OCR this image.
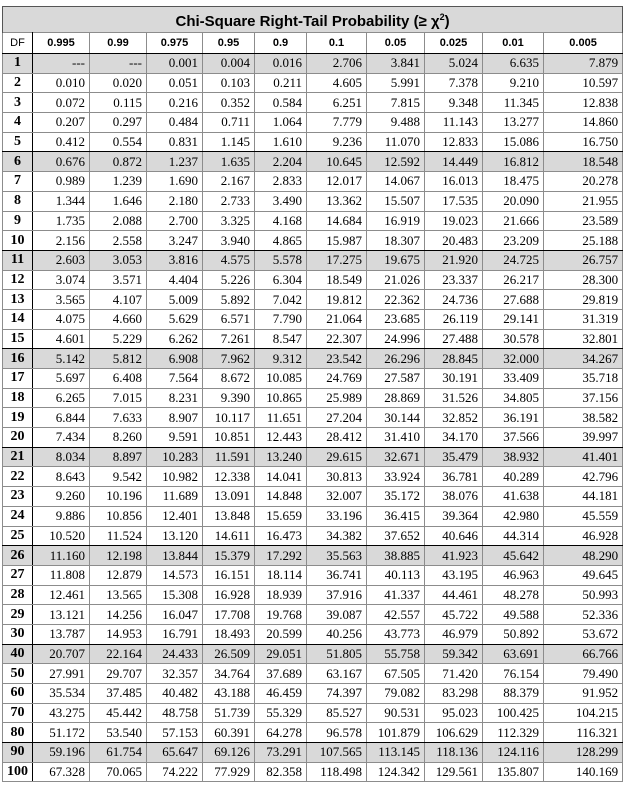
Chi-Square Right-Tail Probability (≥ $\chi^2$)										
DF	0.995	0.99	0.975	0.95	0.9	0.1	0.05	0.025	0.01	0.005
1	---	---	0.001	0.004	0.016	2.706	3.841	5.024	6.635	7.879
2	0.010	0.020	0.051	0.103	0.211	4.605	5.991	7.378	9.210	10.597
3	0.072	0.115	0.216	0.352	0.584	6.251	7.815	9.348	11.345	12.838
4	0.207	0.297	0.484	0.711	1.064	7.779	9.488	11.143	13.277	14.860
5	0.412	0.554	0.831	1.145	1.610	9.236	11.070	12.833	15.086	16.750
6	0.676	0.872	1.237	1.635	2.204	10.645	12.592	14.449	16.812	18.548
7	0.989	1.239	1.690	2.167	2.833	12.017	14.067	16.013	18.475	20.278
8	1.344	1.646	2.180	2.733	3.490	13.362	15.507	17.535	20.090	21.955
9	1.735	2.088	2.700	3.325	4.168	14.684	16.919	19.023	21.666	23.589
10	2.156	2.558	3.247	3.940	4.865	15.987	18.307	20.483	23.209	25.188
11	2.603	3.053	3.816	4.575	5.578	17.275	19.675	21.920	24.725	26.757
12	3.074	3.571	4.404	5.226	6.304	18.549	21.026	23.337	26.217	28.300
13	3.565	4.107	5.009	5.892	7.042	19.812	22.362	24.736	27.688	29.819
14	4.075	4.660	5.629	6.571	7.790	21.064	23.685	26.119	29.141	31.319
15	4.601	5.229	6.262	7.261	8.547	22.307	24.996	27.488	30.578	32.801
16	5.142	5.812	6.908	7.962	9.312	23.542	26.296	28.845	32.000	34.267
17	5.697	6.408	7.564	8.672	10.085	24.769	27.587	30.191	33.409	35.718
18	6.265	7.015	8.231	9.390	10.865	25.989	28.869	31.526	34.805	37.156
19	6.844	7.633	8.907	10.117	11.651	27.204	30.144	32.852	36.191	38.582
20	7.434	8.260	9.591	10.851	12.443	28.412	31.410	34.170	37.566	39.997
21	8.034	8.897	10.283	11.591	13.240	29.615	32.671	35.479	38.932	41.401
22	8.643	9.542	10.982	12.338	14.041	30.813	33.924	36.781	40.289	42.796
23	9.260	10.196	11.689	13.091	14.848	32.007	35.172	38.076	41.638	44.181
24	9.886	10.856	12.401	13.848	15.659	33.196	36.415	39.364	42.980	45.559
25	10.520	11.524	13.120	14.611	16.473	34.382	37.652	40.646	44.314	46.928
26	11.160	12.198	13.844	15.379	17.292	35.563	38.885	41.923	45.642	48.290
27	11.808	12.879	14.573	16.151	18.114	36.741	40.113	43.195	46.963	49.645
28	12.461	13.565	15.308	16.928	18.939	37.916	41.337	44.461	48.278	50.993
29	13.121	14.256	16.047	17.708	19.768	39.087	42.557	45.722	49.588	52.336
30	13.787	14.953	16.791	18.493	20.599	40.256	43.773	46.979	50.892	53.672
40	20.707	22.164	24.433	26.509	29.051	51.805	55.758	59.342	63.691	66.766
50	27.991	29.707	32.357	34.764	37.689	63.167	67.505	71.420	76.154	79.490
60	35.534	37.485	40.482	43.188	46.459	74.397	79.082	83.298	88.379	91.952
70	43.275	45.442	48.758	51.739	55.329	85.527	90.531	95.023	100.425	104.215
80	51.172	53.540	57.153	60.391	64.278	96.578	101.879	106.629	112.329	116.321
90	59.196	61.754	65.647	69.126	73.291	107.565	113.145	118.136	124.116	128.299
100	67.328	70.065	74.222	77.929	82.358	118.498	124.342	129.561	135.807	140.169
